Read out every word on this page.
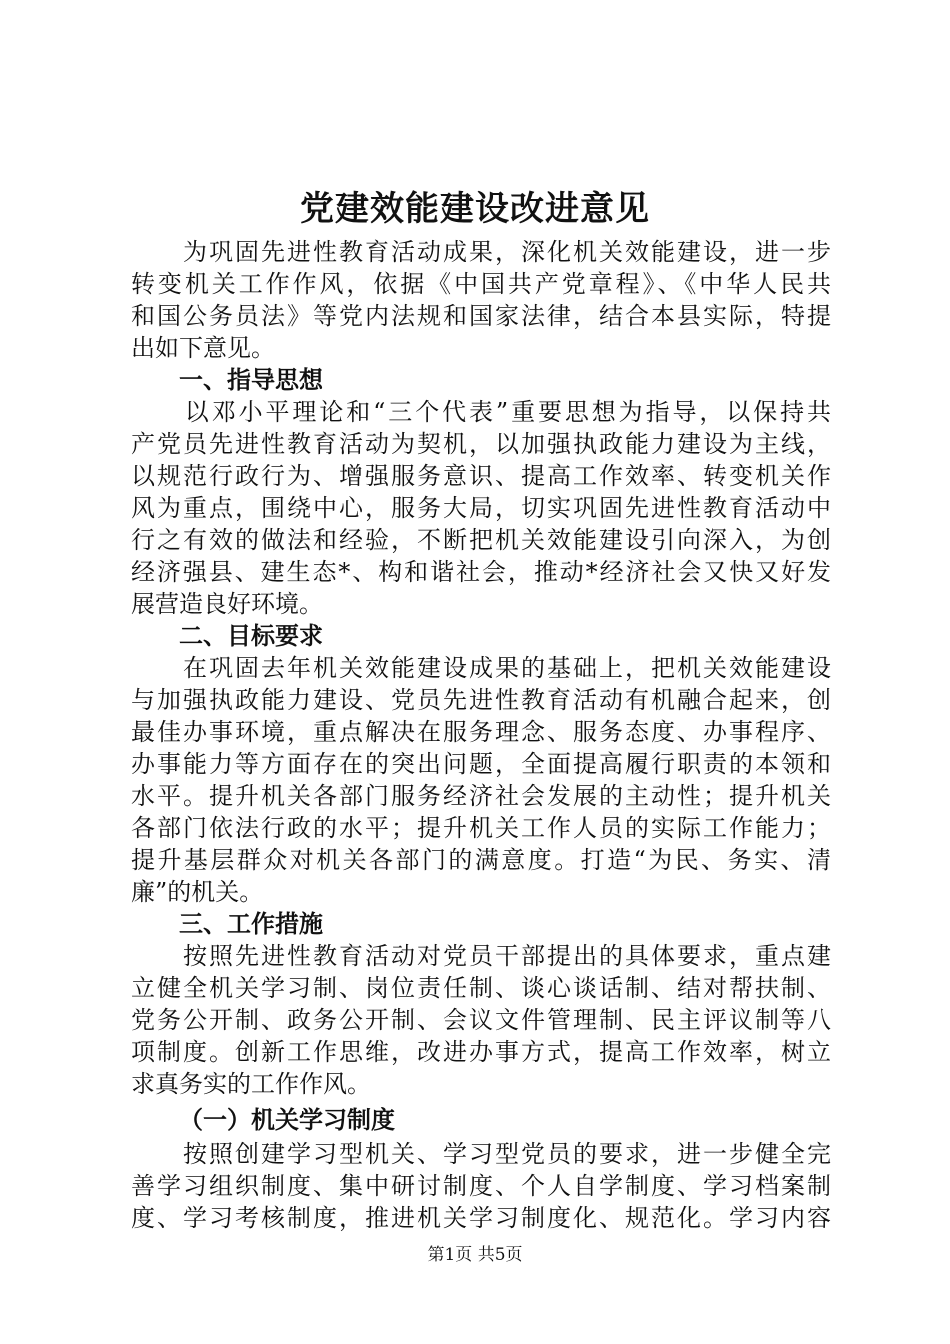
党建效能建设改进意见
　　为巩固先进性教育活动成果，深化机关效能建设，进一步
转变机关工作作风，依据《中国共产党章程》、《中华人民共
和国公务员法》等党内法规和国家法律，结合本县实际，特提
出如下意见。
一、指导思想
　　以邓小平理论和“三个代表”重要思想为指导，以保持共
产党员先进性教育活动为契机，以加强执政能力建设为主线，
以规范行政行为、增强服务意识、提高工作效率、转变机关作
风为重点，围绕中心，服务大局，切实巩固先进性教育活动中
行之有效的做法和经验，不断把机关效能建设引向深入，为创
经济强县、建生态*、构和谐社会，推动*经济社会又快又好发
展营造良好环境。
二、目标要求
　　在巩固去年机关效能建设成果的基础上，把机关效能建设
与加强执政能力建设、党员先进性教育活动有机融合起来，创
最佳办事环境，重点解决在服务理念、服务态度、办事程序、
办事能力等方面存在的突出问题，全面提高履行职责的本领和
水平。提升机关各部门服务经济社会发展的主动性；提升机关
各部门依法行政的水平；提升机关工作人员的实际工作能力；
提升基层群众对机关各部门的满意度。打造“为民、务实、清
廉”的机关。
三、工作措施
　　按照先进性教育活动对党员干部提出的具体要求，重点建
立健全机关学习制、岗位责任制、谈心谈话制、结对帮扶制、
党务公开制、政务公开制、会议文件管理制、民主评议制等八
项制度。创新工作思维，改进办事方式，提高工作效率，树立
求真务实的工作作风。
（一）机关学习制度
　　按照创建学习型机关、学习型党员的要求，进一步健全完
善学习组织制度、集中研讨制度、个人自学制度、学习档案制
度、学习考核制度，推进机关学习制度化、规范化。学习内容
第1页 共5页
